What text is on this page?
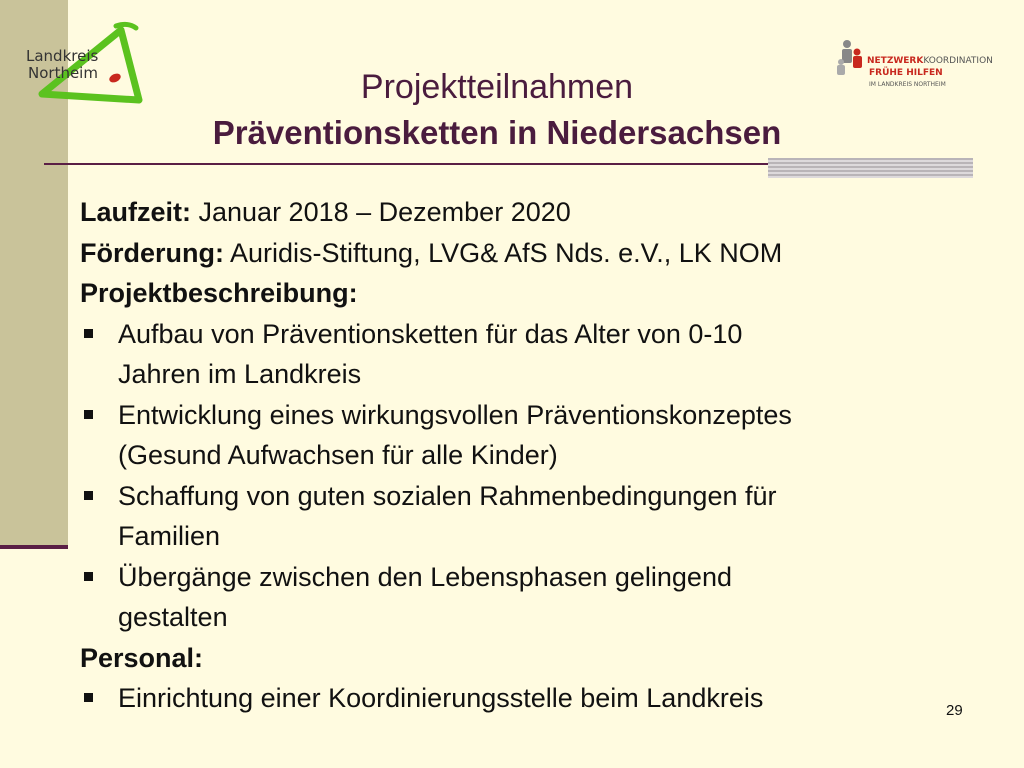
Landkreis
Northeim
NETZWERKKOORDINATION
FRÜHE HILFEN
IM LANDKREIS NORTHEIM
Projektteilnahmen
Präventionsketten in Niedersachsen

Laufzeit: Januar 2018 – Dezember 2020

Förderung: Auridis-Stiftung, LVG& AfS Nds. e.V., LK NOM

Projektbeschreibung:

Aufbau von Präventionsketten für das Alter von 0-10
Jahren im Landkreis
Entwicklung eines wirkungsvollen Präventionskonzeptes
(Gesund Aufwachsen für alle Kinder)
Schaffung von guten sozialen Rahmenbedingungen für
Familien
Übergänge zwischen den Lebensphasen gelingend
gestalten

Personal:

Einrichtung einer Koordinierungsstelle beim Landkreis	29
